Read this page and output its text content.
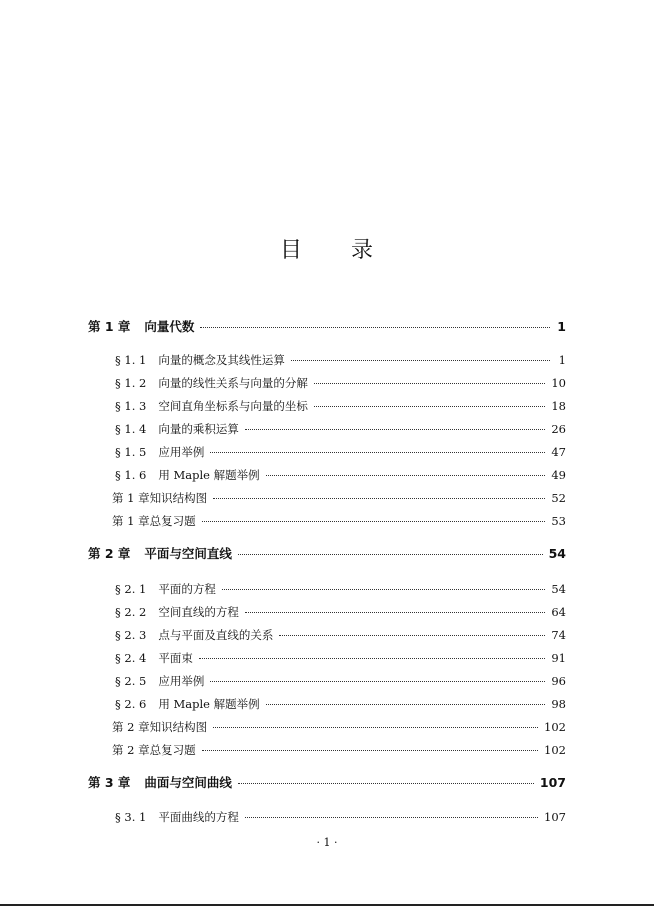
目 录
第 1 章 向量代数	1
§ 1. 1 向量的概念及其线性运算	1
§ 1. 2 向量的线性关系与向量的分解	10
§ 1. 3 空间直角坐标系与向量的坐标	18
§ 1. 4 向量的乘积运算	26
§ 1. 5 应用举例	47
§ 1. 6 用 Maple 解题举例	49
第 1 章知识结构图	52
第 1 章总复习题	53
第 2 章 平面与空间直线	54
§ 2. 1 平面的方程	54
§ 2. 2 空间直线的方程	64
§ 2. 3 点与平面及直线的关系	74
§ 2. 4 平面束	91
§ 2. 5 应用举例	96
§ 2. 6 用 Maple 解题举例	98
第 2 章知识结构图	102
第 2 章总复习题	102
第 3 章 曲面与空间曲线	107
§ 3. 1 平面曲线的方程	107
· 1 ·
